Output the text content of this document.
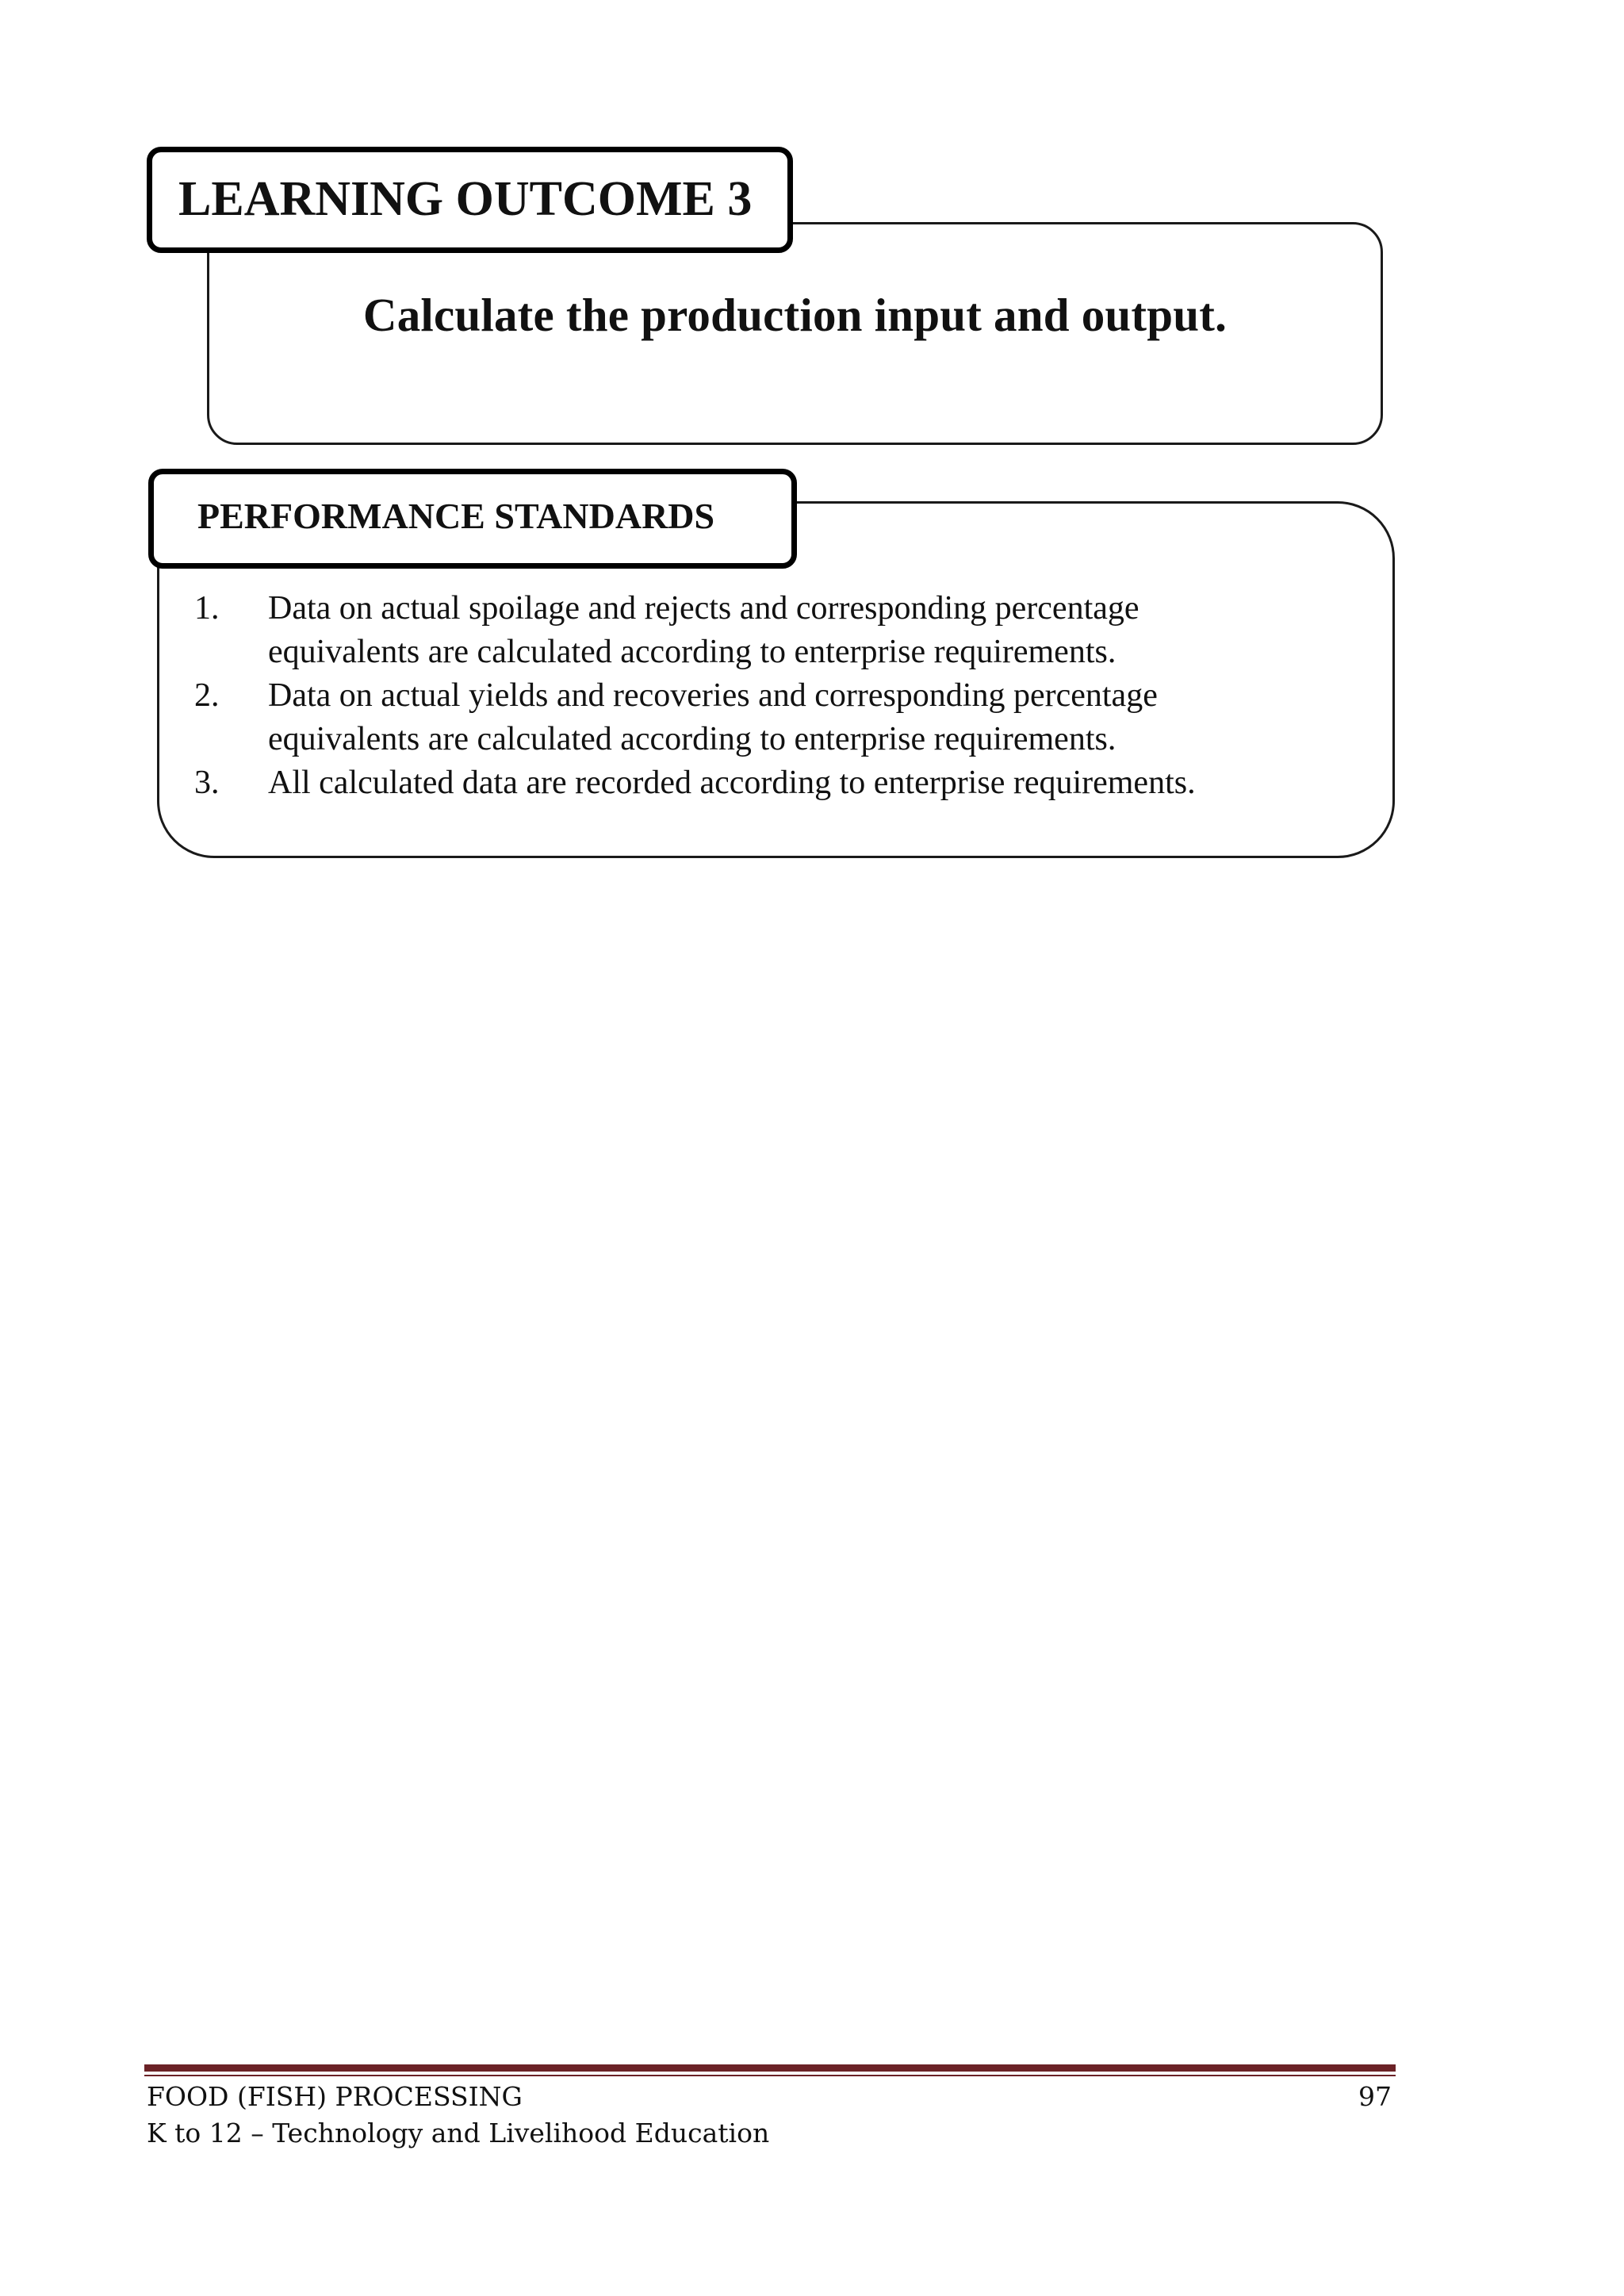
Calculate the production input and output.
LEARNING OUTCOME 3
PERFORMANCE STANDARDS
1. Data on actual spoilage and rejects and corresponding percentage
equivalents are calculated according to enterprise requirements.
2. Data on actual yields and recoveries and corresponding percentage
equivalents are calculated according to enterprise requirements.
3. All calculated data are recorded according to enterprise requirements.
FOOD (FISH) PROCESSING
K to 12 – Technology and Livelihood Education
97
